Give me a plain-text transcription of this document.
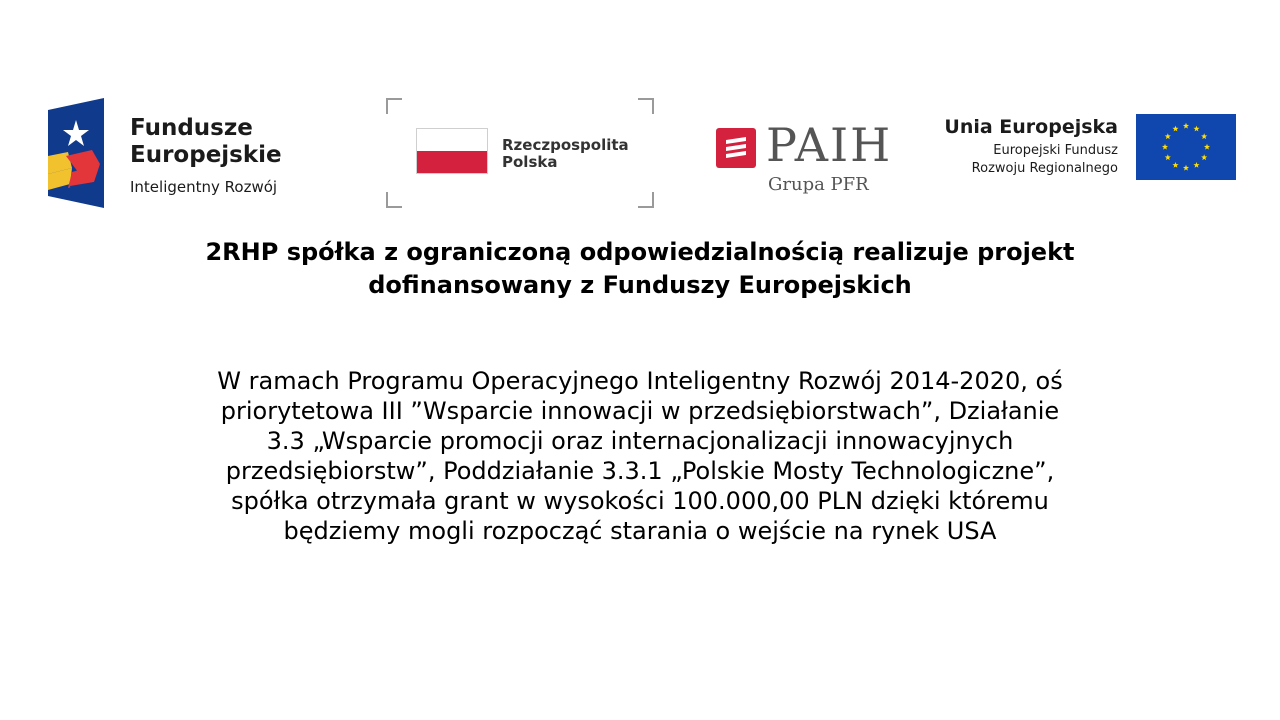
Fundusze
Europejskie
Inteligentny Rozwój
Rzeczpospolita
Polska	PAIH
Grupa PFR
Unia Europejska
Europejski Fundusz
Rozwoju Regionalnego
2RHP spółka z ograniczoną odpowiedzialnością realizuje projekt
dofinansowany z Funduszy Europejskich
W ramach Programu Operacyjnego Inteligentny Rozwój 2014-2020, oś
priorytetowa III ”Wsparcie innowacji w przedsiębiorstwach”, Działanie
3.3 „Wsparcie promocji oraz internacjonalizacji innowacyjnych
przedsiębiorstw”, Poddziałanie 3.3.1 „Polskie Mosty Technologiczne”,
spółka otrzymała grant w wysokości 100.000,00 PLN dzięki któremu
będziemy mogli rozpocząć starania o wejście na rynek USA
